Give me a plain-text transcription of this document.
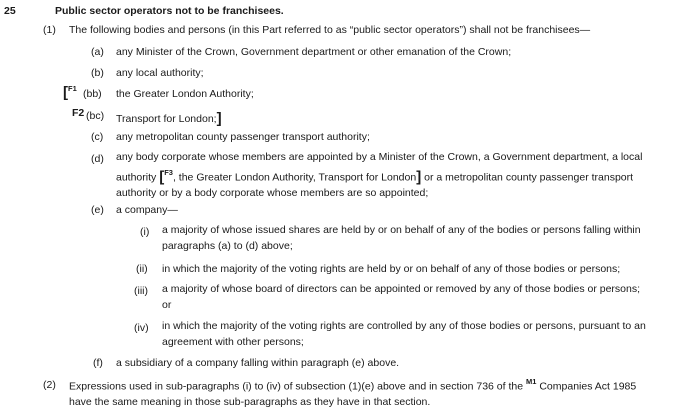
25	Public sector operators not to be franchisees.
(1) The following bodies and persons (in this Part referred to as “public sector operators”) shall not be franchisees—
(a) any Minister of the Crown, Government department or other emanation of the Crown;
(b) any local authority;
[$^{F1}$ (bb) the Greater London Authority;
F2 (bc) Transport for London;]
(c) any metropolitan county passenger transport authority;
(d) any body corporate whose members are appointed by a Minister of the Crown, a Government department, a local
authority [$^{F3}$, the Greater London Authority, Transport for London] or a metropolitan county passenger transport
authority or by a body corporate whose members are so appointed;
(e) a company—
(i) a majority of whose issued shares are held by or on behalf of any of the bodies or persons falling within
paragraphs (a) to (d) above;
(ii) in which the majority of the voting rights are held by or on behalf of any of those bodies or persons;
(iii) a majority of whose board of directors can be appointed or removed by any of those bodies or persons;
or
(iv) in which the majority of the voting rights are controlled by any of those bodies or persons, pursuant to an
agreement with other persons;
(f) a subsidiary of a company falling within paragraph (e) above.
(2) Expressions used in sub-paragraphs (i) to (iv) of subsection (1)(e) above and in section 736 of the $^{M1}$ Companies Act 1985
have the same meaning in those sub-paragraphs as they have in that section.
